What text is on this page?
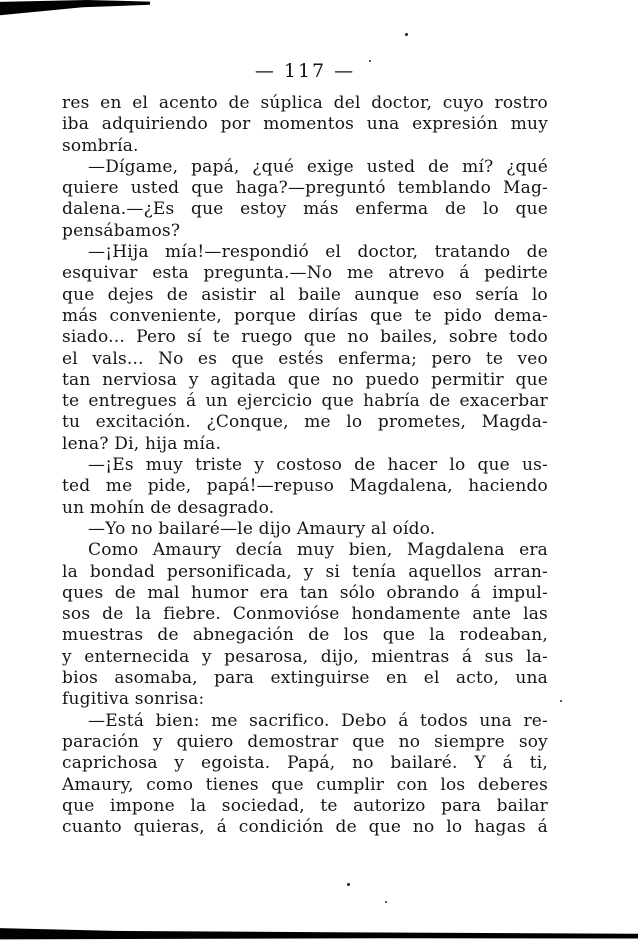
— 117 —
res en el acento de súplica del doctor, cuyo rostro
iba adquiriendo por momentos una expresión muy
sombría.
—Dígame, papá, ¿qué exige usted de mí? ¿qué
quiere usted que haga?—preguntó temblando Mag-
dalena.—¿Es que estoy más enferma de lo que
pensábamos?
—¡Hija mía!—respondió el doctor, tratando de
esquivar esta pregunta.—No me atrevo á pedirte
que dejes de asistir al baile aunque eso sería lo
más conveniente, porque dirías que te pido dema-
siado... Pero sí te ruego que no bailes, sobre todo
el vals... No es que estés enferma; pero te veo
tan nerviosa y agitada que no puedo permitir que
te entregues á un ejercicio que habría de exacerbar
tu excitación. ¿Conque, me lo prometes, Magda-
lena? Di, hija mía.
—¡Es muy triste y costoso de hacer lo que us-
ted me pide, papá!—repuso Magdalena, haciendo
un mohín de desagrado.
—Yo no bailaré—le dijo Amaury al oído.
Como Amaury decía muy bien, Magdalena era
la bondad personificada, y si tenía aquellos arran-
ques de mal humor era tan sólo obrando á impul-
sos de la fiebre. Conmovióse hondamente ante las
muestras de abnegación de los que la rodeaban,
y enternecida y pesarosa, dijo, mientras á sus la-
bios asomaba, para extinguirse en el acto, una
fugitiva sonrisa:
—Está bien: me sacrifico. Debo á todos una re-
paración y quiero demostrar que no siempre soy
caprichosa y egoista. Papá, no bailaré. Y á ti,
Amaury, como tienes que cumplir con los deberes
que impone la sociedad, te autorizo para bailar
cuanto quieras, á condición de que no lo hagas á
